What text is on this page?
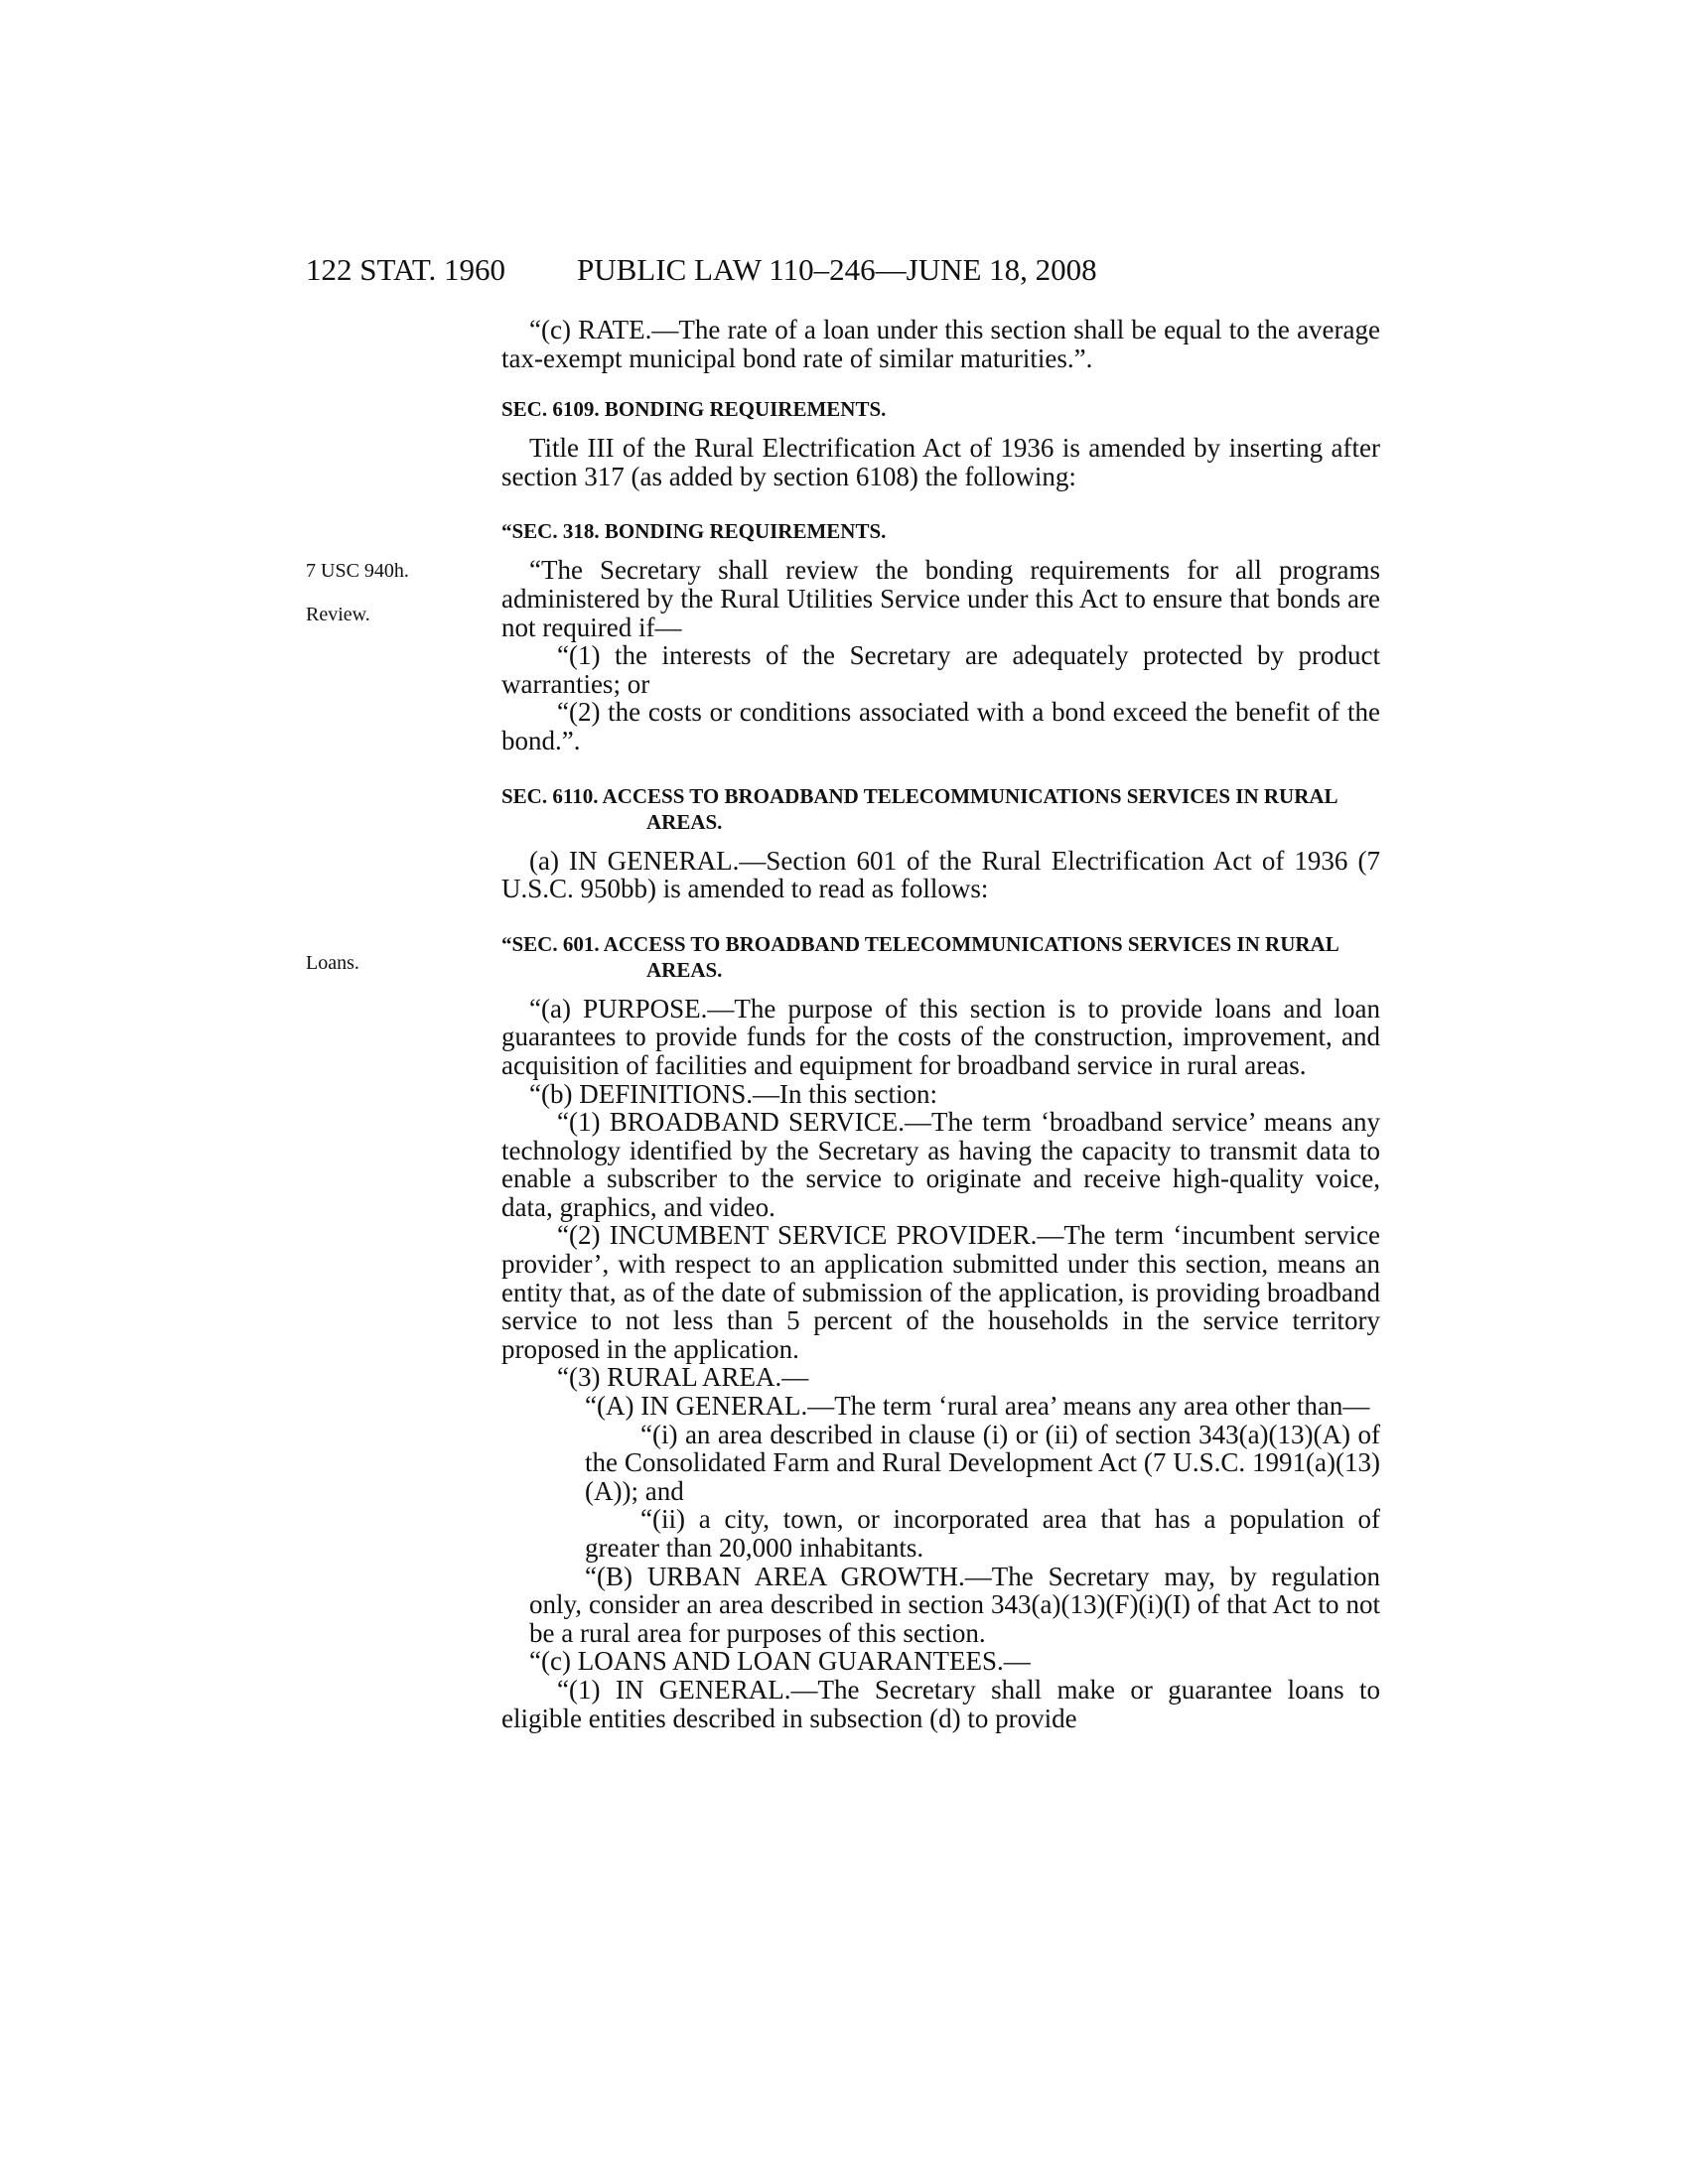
122 STAT. 1960 PUBLIC LAW 110–246—JUNE 18, 2008
7 USC 940h.
Review.
Loans.

“(c) RATE.—The rate of a loan under this section shall be equal to the average tax-exempt municipal bond rate of similar maturities.”.

SEC. 6109. BONDING REQUIREMENTS.

Title III of the Rural Electrification Act of 1936 is amended by inserting after section 317 (as added by section 6108) the following:

“SEC. 318. BONDING REQUIREMENTS.

“The Secretary shall review the bonding requirements for all programs administered by the Rural Utilities Service under this Act to ensure that bonds are not required if—

“(1) the interests of the Secretary are adequately protected by product warranties; or

“(2) the costs or conditions associated with a bond exceed the benefit of the bond.”.

SEC. 6110. ACCESS TO BROADBAND TELECOMMUNICATIONS SERVICES IN RURAL AREAS.

(a) IN GENERAL.—Section 601 of the Rural Electrification Act of 1936 (7 U.S.C. 950bb) is amended to read as follows:

“SEC. 601. ACCESS TO BROADBAND TELECOMMUNICATIONS SERVICES IN RURAL AREAS.

“(a) PURPOSE.—The purpose of this section is to provide loans and loan guarantees to provide funds for the costs of the construction, improvement, and acquisition of facilities and equipment for broadband service in rural areas.

“(b) DEFINITIONS.—In this section:

“(1) BROADBAND SERVICE.—The term ‘broadband service’ means any technology identified by the Secretary as having the capacity to transmit data to enable a subscriber to the service to originate and receive high-quality voice, data, graphics, and video.

“(2) INCUMBENT SERVICE PROVIDER.—The term ‘incumbent service provider’, with respect to an application submitted under this section, means an entity that, as of the date of submission of the application, is providing broadband service to not less than 5 percent of the households in the service territory proposed in the application.

“(3) RURAL AREA.—

“(A) IN GENERAL.—The term ‘rural area’ means any area other than—

“(i) an area described in clause (i) or (ii) of section 343(a)(13)(A) of the Consolidated Farm and Rural Development Act (7 U.S.C. 1991(a)(13)(A)); and

“(ii) a city, town, or incorporated area that has a population of greater than 20,000 inhabitants.

“(B) URBAN AREA GROWTH.—The Secretary may, by regulation only, consider an area described in section 343(a)(13)(F)(i)(I) of that Act to not be a rural area for purposes of this section.

“(c) LOANS AND LOAN GUARANTEES.—

“(1) IN GENERAL.—The Secretary shall make or guarantee loans to eligible entities described in subsection (d) to provide
